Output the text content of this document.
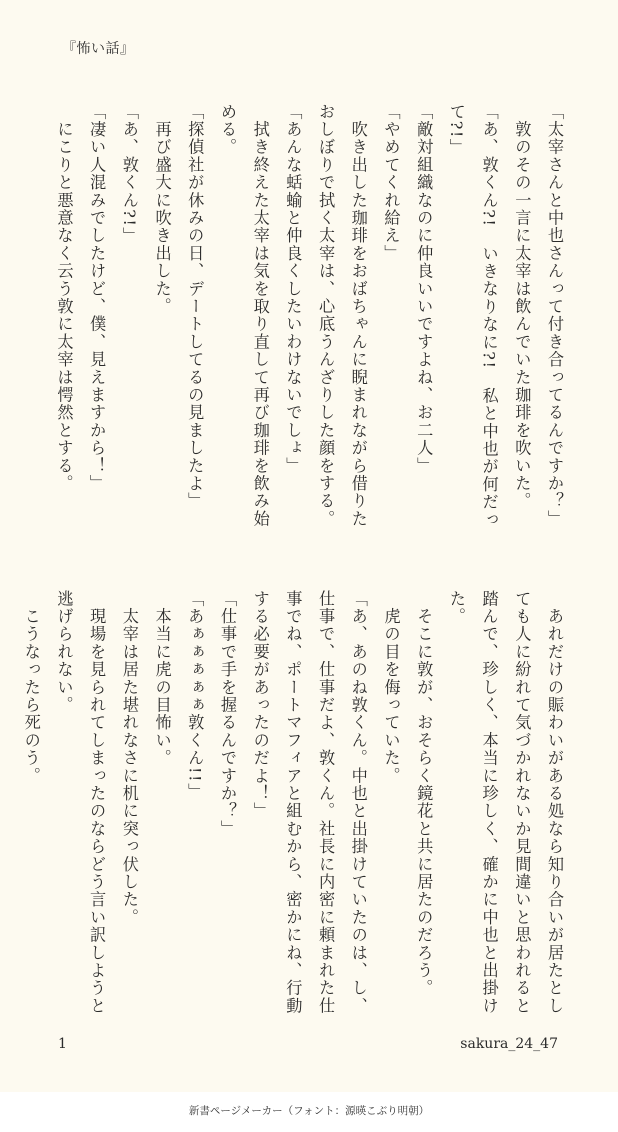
『怖い話』
「太宰さんと中也さんって付き合ってるんですか？」
　敦のその一言に太宰は飲んでいた珈琲を吹いた。
「あ、敦くん?!　いきなりなに?!　私と中也が何だっ
て?!」
「敵対組織なのに仲良いいですよね、お二人」
「やめてくれ給え」
　吹き出した珈琲をおばちゃんに睨まれながら借りた
おしぼりで拭く太宰は、心底うんざりした顔をする。
「あんな蛞蝓と仲良くしたいわけないでしょ」
　拭き終えた太宰は気を取り直して再び珈琲を飲み始
める。
「探偵社が休みの日、デートしてるの見ましたよ」
　再び盛大に吹き出した。
「あ、敦くん?!」
「凄い人混みでしたけど、僕、見えますから！」
　にこりと悪意なく云う敦に太宰は愕然とする。
　あれだけの賑わいがある処なら知り合いが居たとし
ても人に紛れて気づかれないか見間違いと思われると
踏んで、珍しく、本当に珍しく、確かに中也と出掛け
た。
　そこに敦が、おそらく鏡花と共に居たのだろう。
　虎の目を侮っていた。
「あ、あのね敦くん。中也と出掛けていたのは、し、
仕事で、仕事だよ、敦くん。社長に内密に頼まれた仕
事でね、ポートマフィアと組むから、密かにね、行動
する必要があったのだよ！」
「仕事で手を握るんですか？」
「あぁぁぁぁぁ敦くん!!」
　本当に虎の目怖い。
　太宰は居た堪れなさに机に突っ伏した。
　現場を見られてしまったのならどう言い訳しようと
逃げられない。
　こうなったら死のう。
1	sakura_24_47
新書ページメーカー（フォント：源暎こぶり明朝）
